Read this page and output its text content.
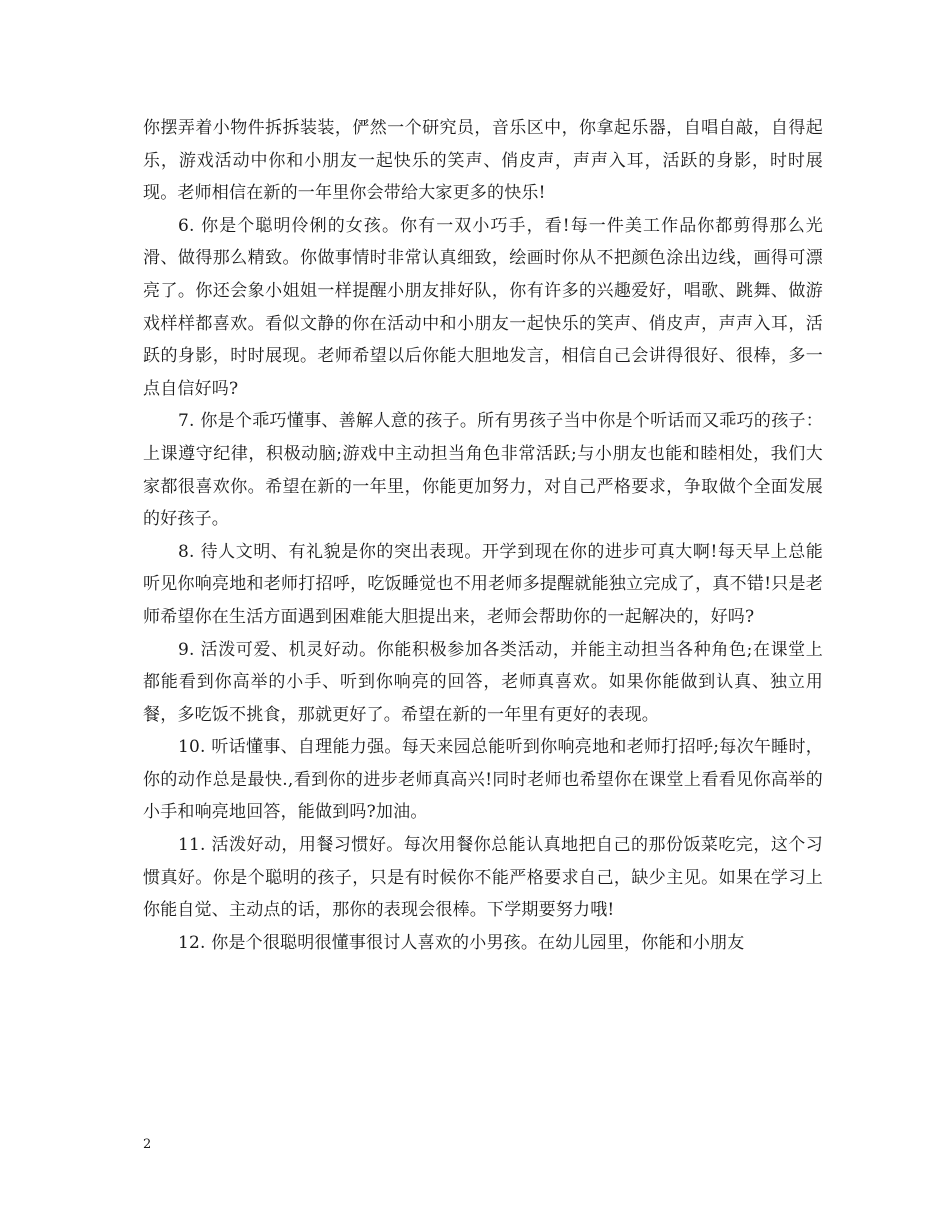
你摆弄着小物件拆拆装装，俨然一个研究员，音乐区中，你拿起乐器，自唱自敲，自得起乐，游戏活动中你和小朋友一起快乐的笑声、俏皮声，声声入耳，活跃的身影，时时展现。老师相信在新的一年里你会带给大家更多的快乐!

6. 你是个聪明伶俐的女孩。你有一双小巧手，看!每一件美工作品你都剪得那么光滑、做得那么精致。你做事情时非常认真细致，绘画时你从不把颜色涂出边线，画得可漂亮了。你还会象小姐姐一样提醒小朋友排好队，你有许多的兴趣爱好，唱歌、跳舞、做游戏样样都喜欢。看似文静的你在活动中和小朋友一起快乐的笑声、俏皮声，声声入耳，活跃的身影，时时展现。老师希望以后你能大胆地发言，相信自己会讲得很好、很棒，多一点自信好吗?

7. 你是个乖巧懂事、善解人意的孩子。所有男孩子当中你是个听话而又乖巧的孩子：上课遵守纪律，积极动脑;游戏中主动担当角色非常活跃;与小朋友也能和睦相处，我们大家都很喜欢你。希望在新的一年里，你能更加努力，对自己严格要求，争取做个全面发展的好孩子。

8. 待人文明、有礼貌是你的突出表现。开学到现在你的进步可真大啊!每天早上总能听见你响亮地和老师打招呼，吃饭睡觉也不用老师多提醒就能独立完成了，真不错!只是老师希望你在生活方面遇到困难能大胆提出来，老师会帮助你的一起解决的，好吗?

9. 活泼可爱、机灵好动。你能积极参加各类活动，并能主动担当各种角色;在课堂上都能看到你高举的小手、听到你响亮的回答，老师真喜欢。如果你能做到认真、独立用餐，多吃饭不挑食，那就更好了。希望在新的一年里有更好的表现。

10. 听话懂事、自理能力强。每天来园总能听到你响亮地和老师打招呼;每次午睡时，你的动作总是最快.,看到你的进步老师真高兴!同时老师也希望你在课堂上看看见你高举的小手和响亮地回答，能做到吗?加油。

11. 活泼好动，用餐习惯好。每次用餐你总能认真地把自己的那份饭菜吃完，这个习惯真好。你是个聪明的孩子，只是有时候你不能严格要求自己，缺少主见。如果在学习上你能自觉、主动点的话，那你的表现会很棒。下学期要努力哦!

12. 你是个很聪明很懂事很讨人喜欢的小男孩。在幼儿园里，你能和小朋友

2
